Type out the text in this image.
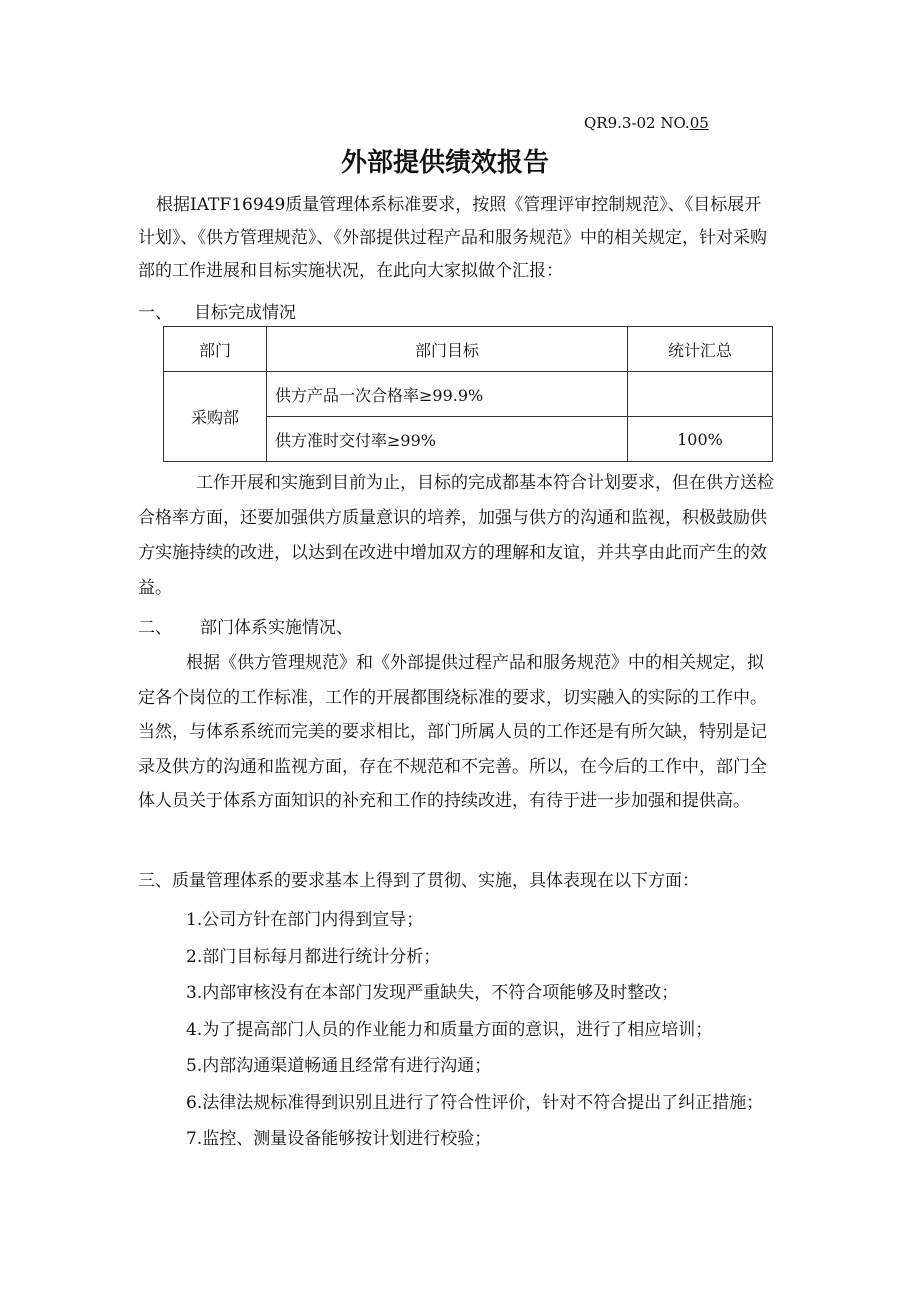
QR9.3-02 NO.05
外部提供绩效报告
根据IATF16949质量管理体系标准要求，按照《管理评审控制规范》、《目标展开计划》、《供方管理规范》、《外部提供过程产品和服务规范》中的相关规定，针对采购部的工作进展和目标实施状况，在此向大家拟做个汇报：
一、 目标完成情况
部门	部门目标	统计汇总
采购部	供方产品一次合格率≥99.9%	
	供方准时交付率≥99%	100%
工作开展和实施到目前为止，目标的完成都基本符合计划要求，但在供方送检合格率方面，还要加强供方质量意识的培养，加强与供方的沟通和监视，积极鼓励供方实施持续的改进，以达到在改进中增加双方的理解和友谊，并共享由此而产生的效益。
二、 部门体系实施情况、
根据《供方管理规范》和《外部提供过程产品和服务规范》中的相关规定，拟定各个岗位的工作标准，工作的开展都围绕标准的要求，切实融入的实际的工作中。当然，与体系系统而完美的要求相比，部门所属人员的工作还是有所欠缺，特别是记录及供方的沟通和监视方面，存在不规范和不完善。所以，在今后的工作中，部门全体人员关于体系方面知识的补充和工作的持续改进，有待于进一步加强和提供高。
三、质量管理体系的要求基本上得到了贯彻、实施，具体表现在以下方面：
1.公司方针在部门内得到宣导；
2.部门目标每月都进行统计分析；
3.内部审核没有在本部门发现严重缺失，不符合项能够及时整改；
4.为了提高部门人员的作业能力和质量方面的意识，进行了相应培训；
5.内部沟通渠道畅通且经常有进行沟通；
6.法律法规标准得到识别且进行了符合性评价，针对不符合提出了纠正措施；
7.监控、测量设备能够按计划进行校验；
